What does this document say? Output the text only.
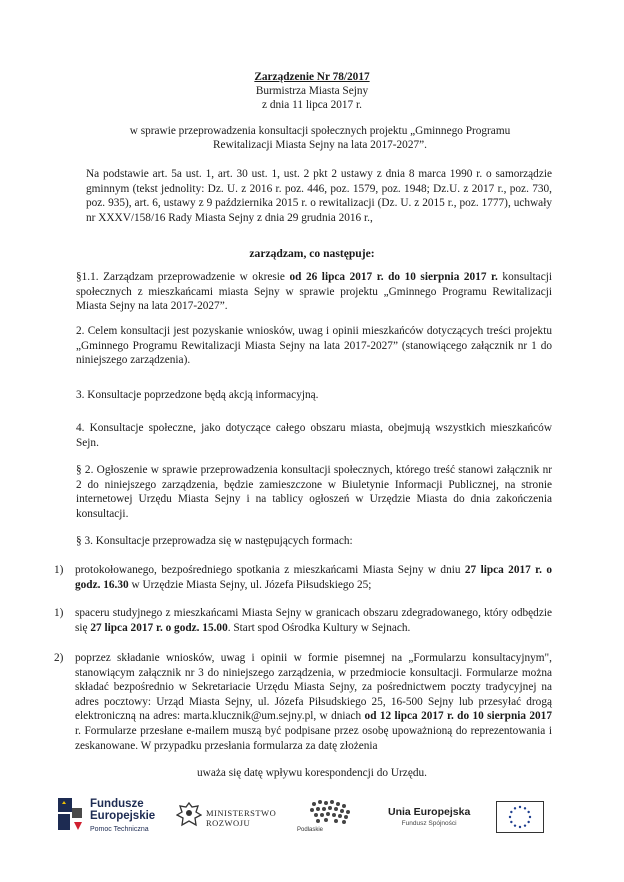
Zarządzenie Nr 78/2017
Burmistrza Miasta Sejny
z dnia 11 lipca 2017 r.
w sprawie przeprowadzenia konsultacji społecznych projektu „Gminnego Programu Rewitalizacji Miasta Sejny na lata 2017-2027”.
Na podstawie art. 5a ust. 1, art. 30 ust. 1, ust. 2 pkt 2 ustawy z dnia 8 marca 1990 r. o samorządzie gminnym (tekst jednolity: Dz. U. z 2016 r. poz. 446, poz. 1579, poz. 1948; Dz.U. z 2017 r., poz. 730, poz. 935), art. 6, ustawy z 9 października 2015 r. o rewitalizacji (Dz. U. z 2015 r., poz. 1777), uchwały nr XXXV/158/16 Rady Miasta Sejny z dnia 29 grudnia 2016 r.,
zarządzam, co następuje:
§1.1. Zarządzam przeprowadzenie w okresie od 26 lipca 2017 r. do 10 sierpnia 2017 r. konsultacji społecznych z mieszkańcami miasta Sejny w sprawie projektu „Gminnego Programu Rewitalizacji Miasta Sejny na lata 2017-2027”.
2. Celem konsultacji jest pozyskanie wniosków, uwag i opinii mieszkańców dotyczących treści projektu „Gminnego Programu Rewitalizacji Miasta Sejny na lata 2017-2027” (stanowiącego załącznik nr 1 do niniejszego zarządzenia).
3. Konsultacje poprzedzone będą akcją informacyjną.
4. Konsultacje społeczne, jako dotyczące całego obszaru miasta, obejmują wszystkich mieszkańców Sejn.
§ 2. Ogłoszenie w sprawie przeprowadzenia konsultacji społecznych, którego treść stanowi załącznik nr 2 do niniejszego zarządzenia, będzie zamieszczone w Biuletynie Informacji Publicznej, na stronie internetowej Urzędu Miasta Sejny i na tablicy ogłoszeń w Urzędzie Miasta do dnia zakończenia konsultacji.
§ 3. Konsultacje przeprowadza się w następujących formach:
1) protokołowanego, bezpośredniego spotkania z mieszkańcami Miasta Sejny w dniu 27 lipca 2017 r. o godz. 16.30 w Urzędzie Miasta Sejny, ul. Józefa Piłsudskiego 25;
1) spaceru studyjnego z mieszkańcami Miasta Sejny w granicach obszaru zdegradowanego, który odbędzie się 27 lipca 2017 r. o godz. 15.00. Start spod Ośrodka Kultury w Sejnach.
2) poprzez składanie wniosków, uwag i opinii w formie pisemnej na „Formularzu konsultacyjnym", stanowiącym załącznik nr 3 do niniejszego zarządzenia, w przedmiocie konsultacji. Formularze można składać bezpośrednio w Sekretariacie Urzędu Miasta Sejny, za pośrednictwem poczty tradycyjnej na adres pocztowy: Urząd Miasta Sejny, ul. Józefa Piłsudskiego 25, 16-500 Sejny lub przesyłać drogą elektroniczną na adres: marta.klucznik@um.sejny.pl, w dniach od 12 lipca 2017 r. do 10 sierpnia 2017 r. Formularze przesłane e-mailem muszą być podpisane przez osobę upoważnioną do reprezentowania i zeskanowane. W przypadku przesłania formularza za datę złożenia
uważa się datę wpływu korespondencji do Urzędu.
Fundusze
Europejskie
Pomoc Techniczna
MINISTERSTWO
ROZWOJU
Podlaskie
Unia Europejska
Fundusz Spójności
